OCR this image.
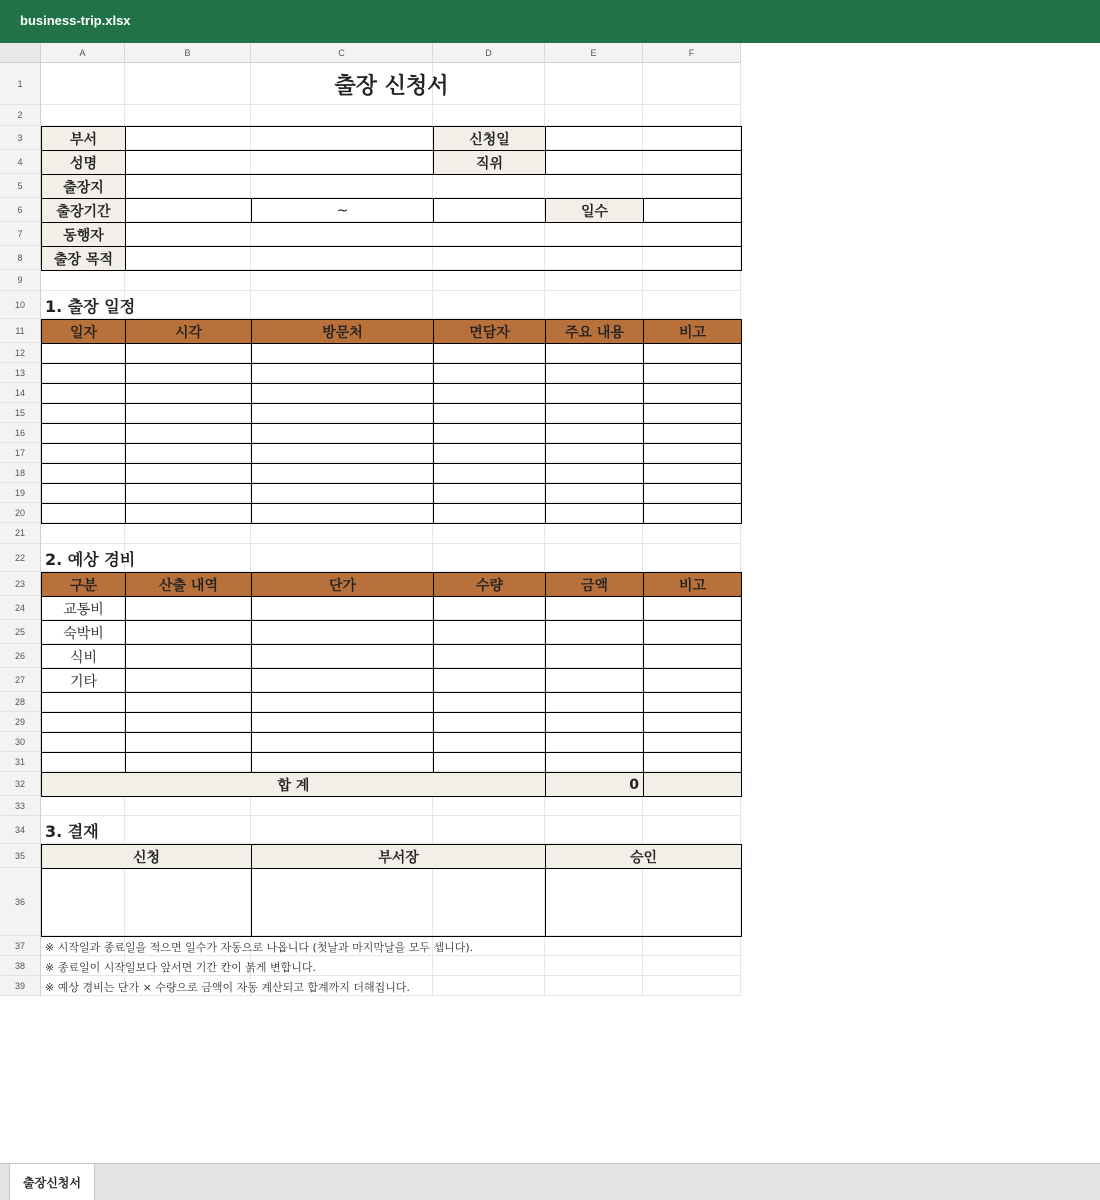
business-trip.xlsx
A	B	C	D	E	F
1
2
3
4
5
6
7
8
9
10
11
12
13
14
15
16
17
18
19
20
21
22
23
24
25
26
27
28
29
30
31
32
33
34
35
36
37
38
39
출장 신청서
부서	신청일
성명	직위
출장지
출장기간	~	일수
동행자
출장 목적
1. 출장 일정
일자	시각	방문처	면담자	주요 내용	비고
2. 예상 경비
구분	산출 내역	단가	수량	금액	비고
교통비
숙박비
식비
기타
합 계	0
3. 결재
신청	부서장	승인
※ 시작일과 종료일을 적으면 일수가 자동으로 나옵니다 (첫날과 마지막날을 모두 셉니다).
※ 종료일이 시작일보다 앞서면 기간 칸이 붉게 변합니다.
※ 예상 경비는 단가 × 수량으로 금액이 자동 계산되고 합계까지 더해집니다.
출장신청서
